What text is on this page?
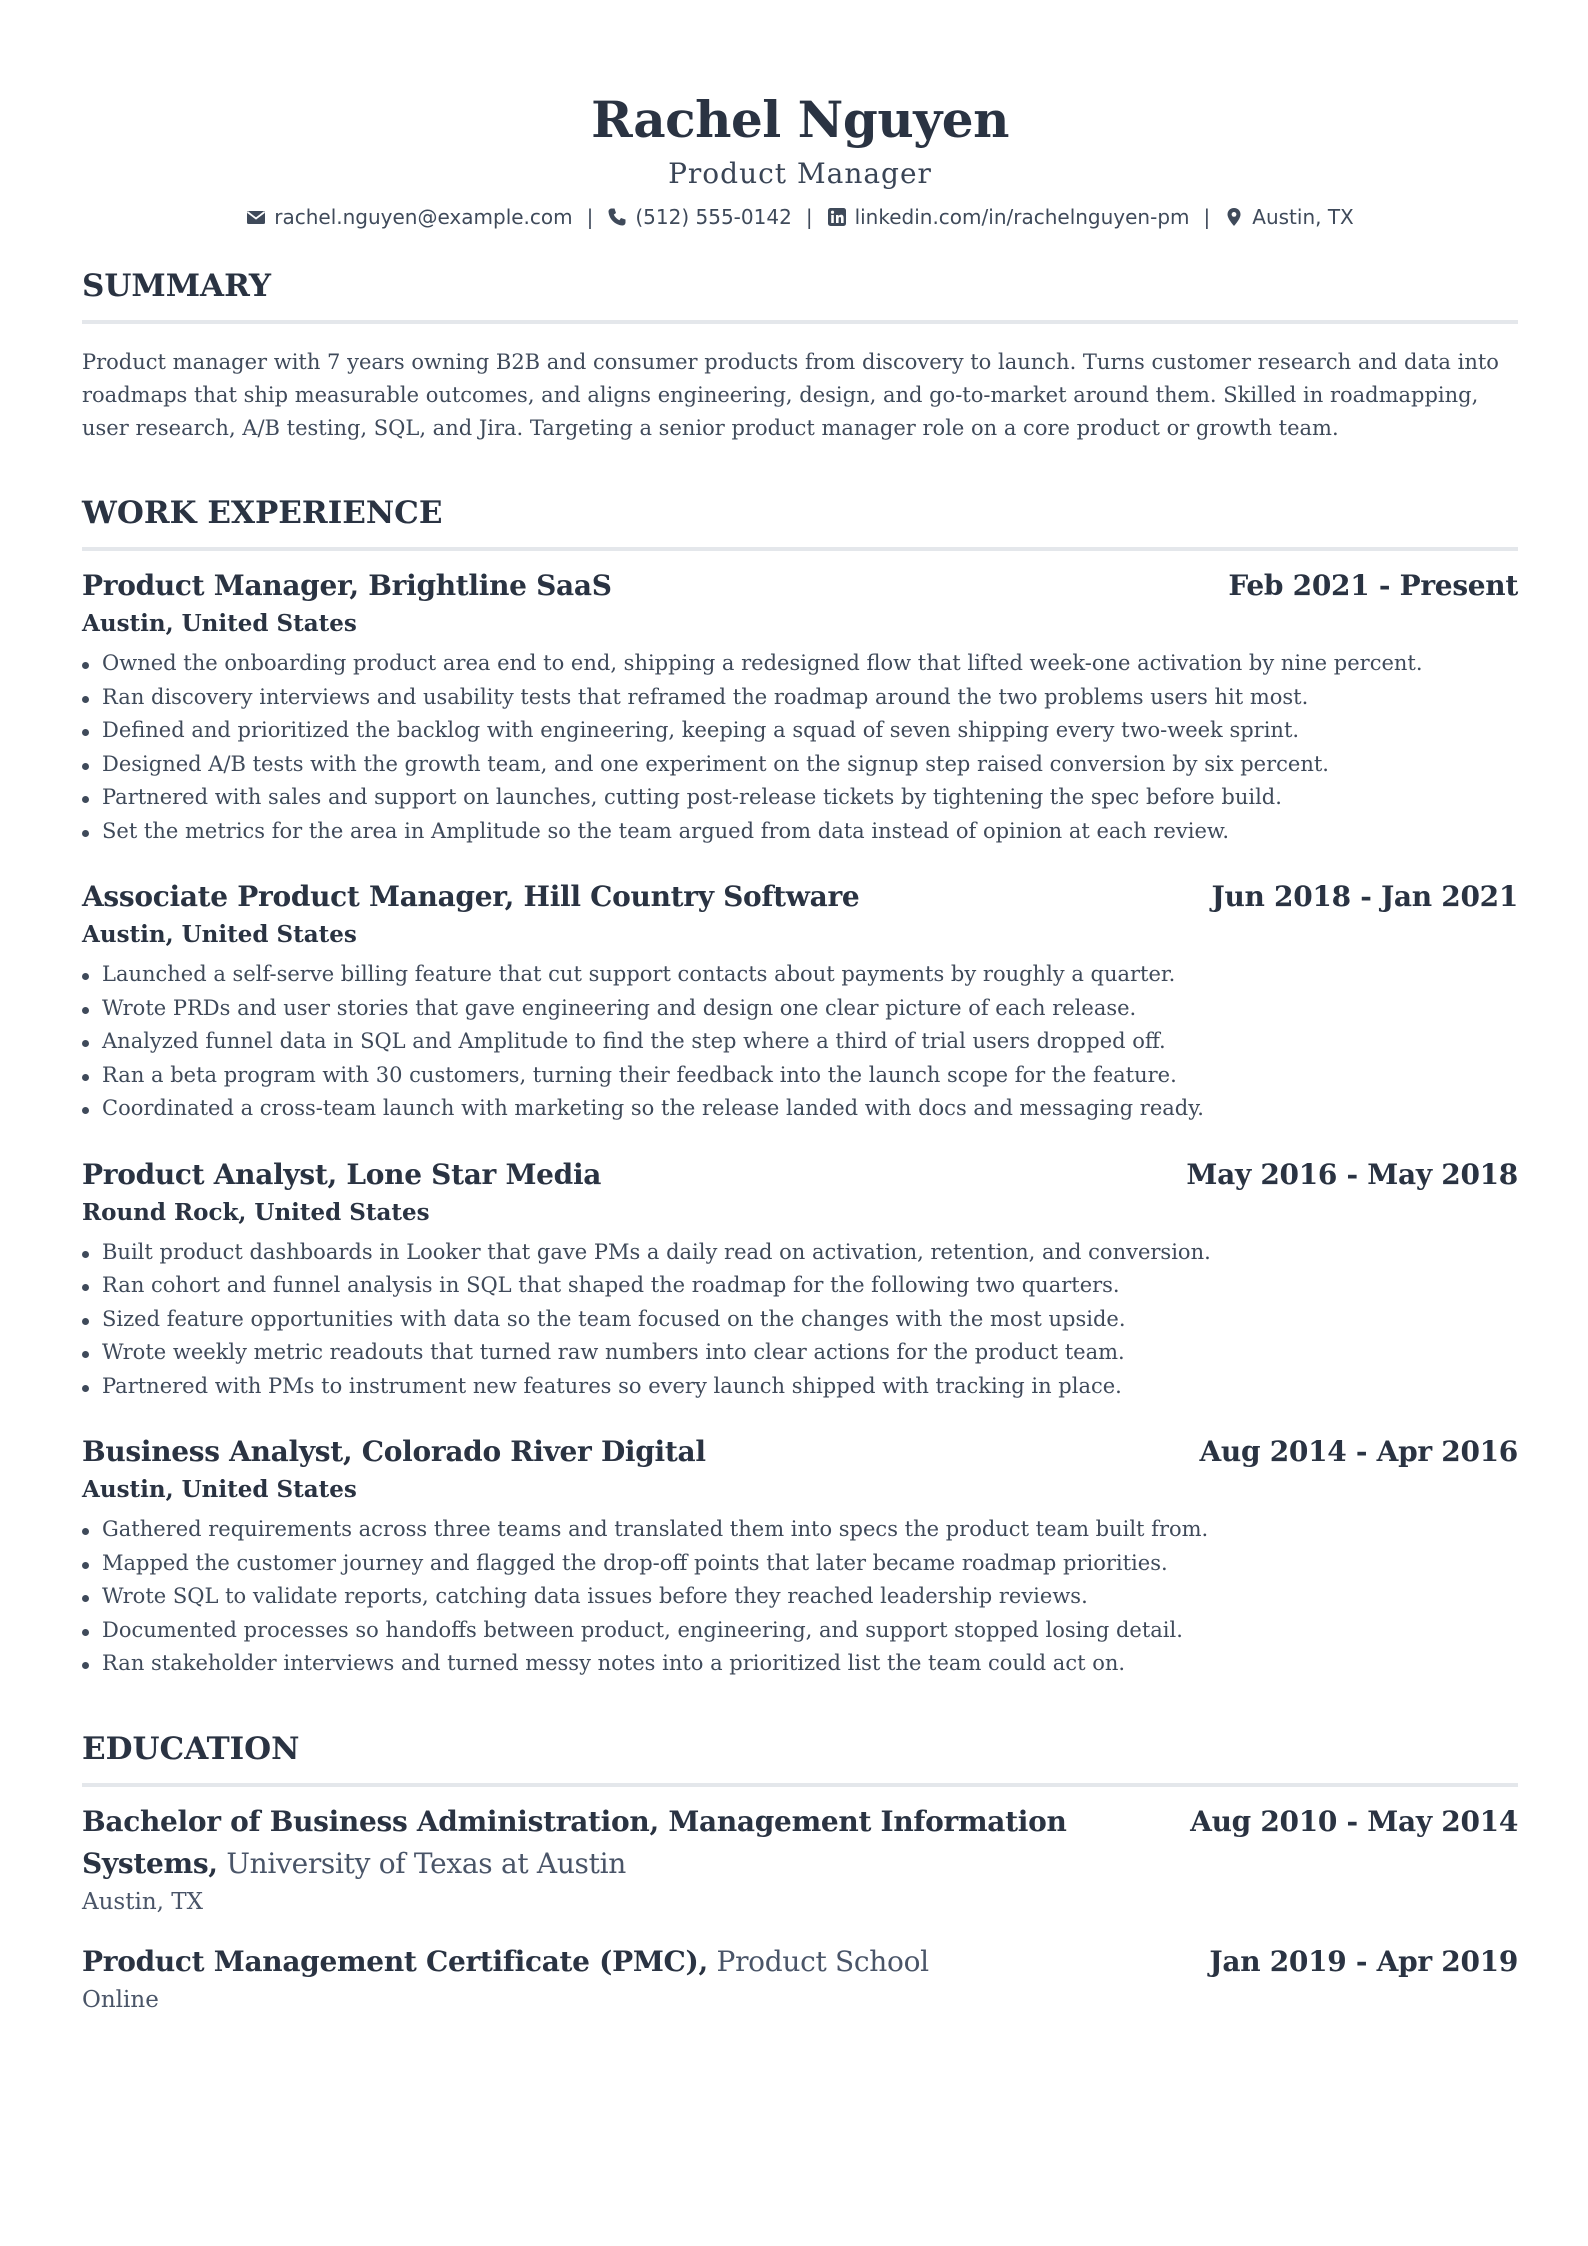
Rachel Nguyen
Product Manager
rachel.nguyen@example.com | (512) 555-0142 | linkedin.com/in/rachelnguyen-pm | Austin, TX
SUMMARY

Product manager with 7 years owning B2B and consumer products from discovery to launch. Turns customer research and data into roadmaps that ship measurable outcomes, and aligns engineering, design, and go-to-market around them. Skilled in roadmapping, user research, A/B testing, SQL, and Jira. Targeting a senior product manager role on a core product or growth team.

WORK EXPERIENCE
Product Manager, Brightline SaaS	Feb 2021 - Present
Austin, United States
Owned the onboarding product area end to end, shipping a redesigned flow that lifted week-one activation by nine percent.
Ran discovery interviews and usability tests that reframed the roadmap around the two problems users hit most.
Defined and prioritized the backlog with engineering, keeping a squad of seven shipping every two-week sprint.
Designed A/B tests with the growth team, and one experiment on the signup step raised conversion by six percent.
Partnered with sales and support on launches, cutting post-release tickets by tightening the spec before build.
Set the metrics for the area in Amplitude so the team argued from data instead of opinion at each review.
Associate Product Manager, Hill Country Software	Jun 2018 - Jan 2021
Austin, United States
Launched a self-serve billing feature that cut support contacts about payments by roughly a quarter.
Wrote PRDs and user stories that gave engineering and design one clear picture of each release.
Analyzed funnel data in SQL and Amplitude to find the step where a third of trial users dropped off.
Ran a beta program with 30 customers, turning their feedback into the launch scope for the feature.
Coordinated a cross-team launch with marketing so the release landed with docs and messaging ready.
Product Analyst, Lone Star Media	May 2016 - May 2018
Round Rock, United States
Built product dashboards in Looker that gave PMs a daily read on activation, retention, and conversion.
Ran cohort and funnel analysis in SQL that shaped the roadmap for the following two quarters.
Sized feature opportunities with data so the team focused on the changes with the most upside.
Wrote weekly metric readouts that turned raw numbers into clear actions for the product team.
Partnered with PMs to instrument new features so every launch shipped with tracking in place.
Business Analyst, Colorado River Digital	Aug 2014 - Apr 2016
Austin, United States
Gathered requirements across three teams and translated them into specs the product team built from.
Mapped the customer journey and flagged the drop-off points that later became roadmap priorities.
Wrote SQL to validate reports, catching data issues before they reached leadership reviews.
Documented processes so handoffs between product, engineering, and support stopped losing detail.
Ran stakeholder interviews and turned messy notes into a prioritized list the team could act on.
EDUCATION
Bachelor of Business Administration, Management Information Systems, University of Texas at Austin
Aug 2010 - May 2014
Austin, TX
Product Management Certificate (PMC), Product School	Jan 2019 - Apr 2019
Online
